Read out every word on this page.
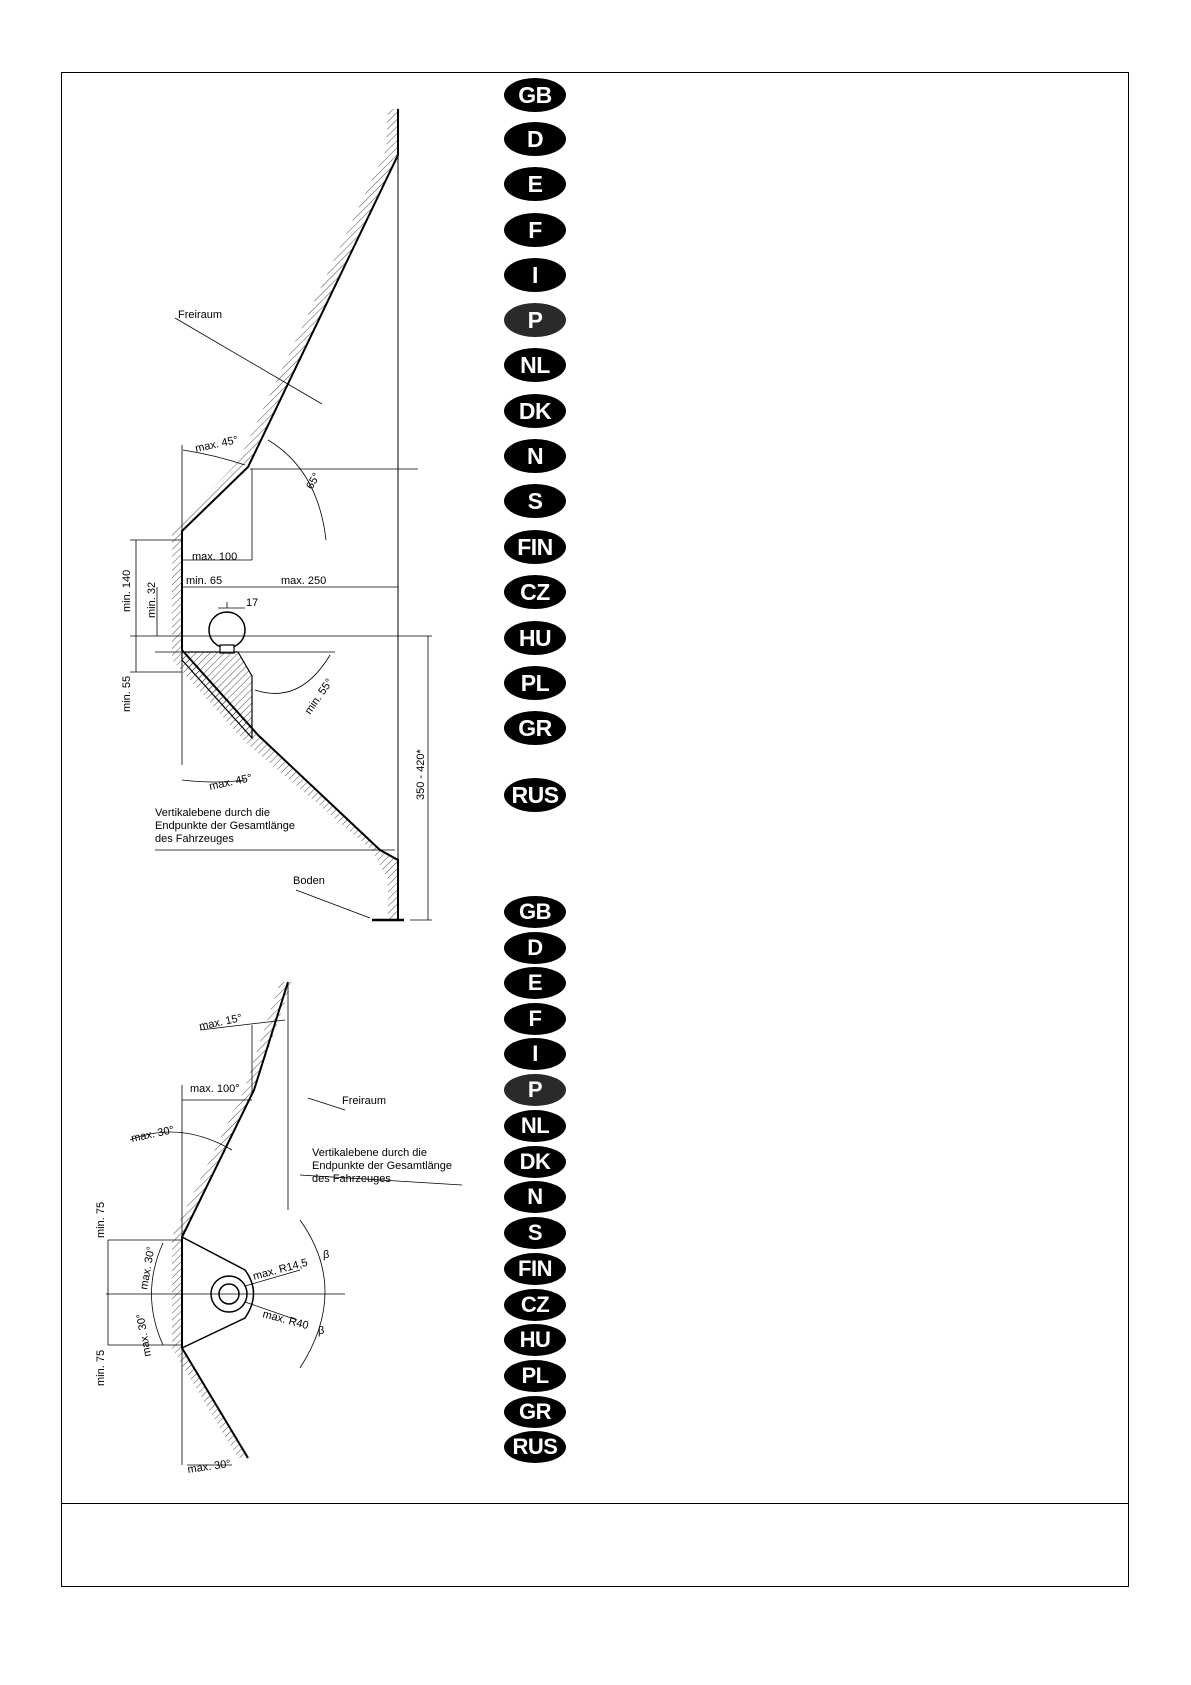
Freiraum
max. 45°
65°
max. 100
min. 140 min. 32
min. 65	max. 250
17
min. 55	min. 55°
max. 45°	350 - 420*
Vertikalebene durch die
Endpunkte der Gesamtlänge
des Fahrzeuges
Boden
max. 15°
max. 100°
Freiraum
max. 30°
Vertikalebene durch die
Endpunkte der Gesamtlänge
des Fahrzeuges
min. 75
max. 30°
max. 30°
max. R14,5
max. R40
β
β
min. 75
max. 30°
GB
D
E
F
I
P
NL
DK
N
S
FIN
CZ
HU
PL
GR
RUS
GB
D
E
F
I
P
NL
DK
N
S
FIN
CZ
HU
PL
GR
RUS
